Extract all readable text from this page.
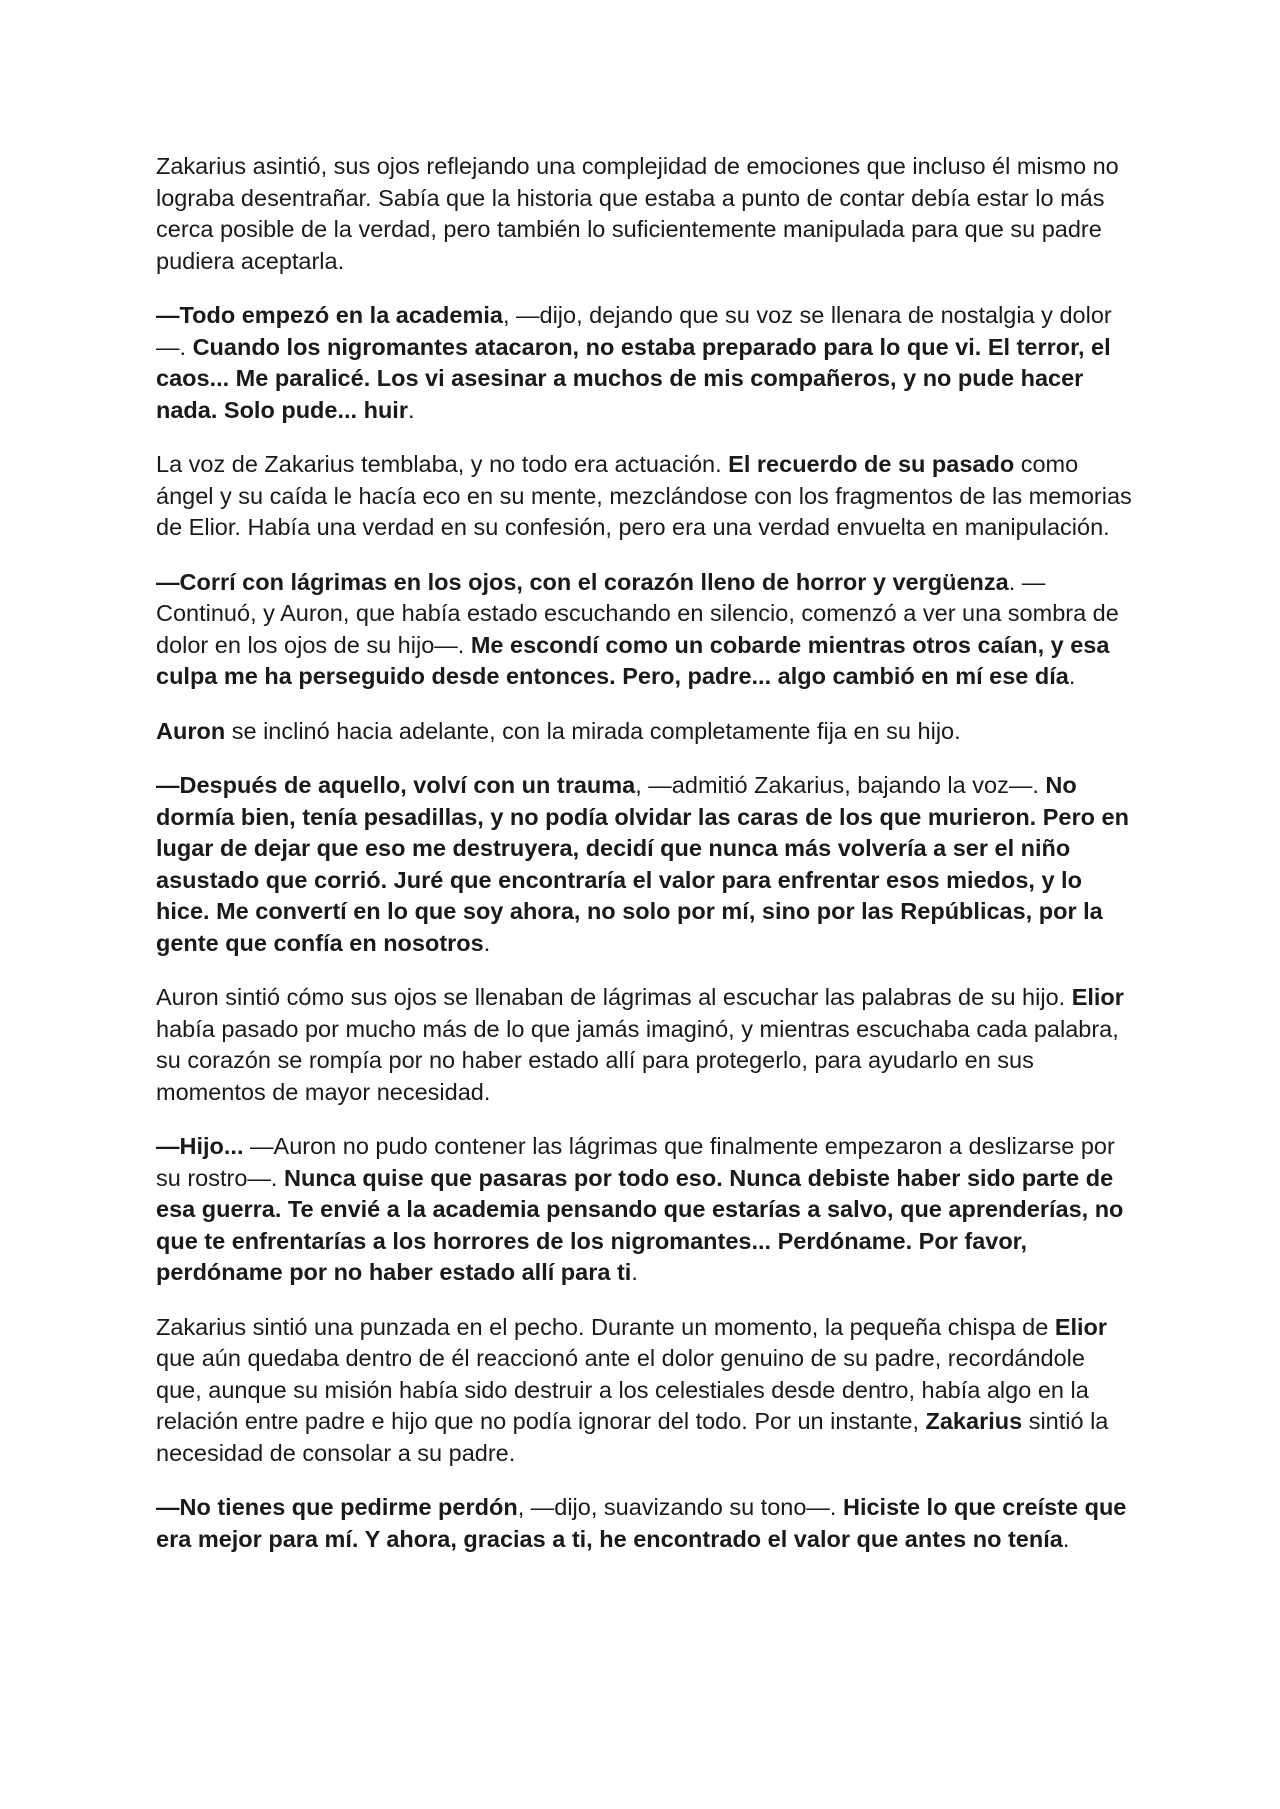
Zakarius asintió, sus ojos reflejando una complejidad de emociones que incluso él mismo no lograba desentrañar. Sabía que la historia que estaba a punto de contar debía estar lo más cerca posible de la verdad, pero también lo suficientemente manipulada para que su padre pudiera aceptarla.

—Todo empezó en la academia, —dijo, dejando que su voz se llenara de nostalgia y dolor—. Cuando los nigromantes atacaron, no estaba preparado para lo que vi. El terror, el caos... Me paralicé. Los vi asesinar a muchos de mis compañeros, y no pude hacer nada. Solo pude... huir.

La voz de Zakarius temblaba, y no todo era actuación. El recuerdo de su pasado como ángel y su caída le hacía eco en su mente, mezclándose con los fragmentos de las memorias de Elior. Había una verdad en su confesión, pero era una verdad envuelta en manipulación.

—Corrí con lágrimas en los ojos, con el corazón lleno de horror y vergüenza. —Continuó, y Auron, que había estado escuchando en silencio, comenzó a ver una sombra de dolor en los ojos de su hijo—. Me escondí como un cobarde mientras otros caían, y esa culpa me ha perseguido desde entonces. Pero, padre... algo cambió en mí ese día.

Auron se inclinó hacia adelante, con la mirada completamente fija en su hijo.

—Después de aquello, volví con un trauma, —admitió Zakarius, bajando la voz—. No dormía bien, tenía pesadillas, y no podía olvidar las caras de los que murieron. Pero en lugar de dejar que eso me destruyera, decidí que nunca más volvería a ser el niño asustado que corrió. Juré que encontraría el valor para enfrentar esos miedos, y lo hice. Me convertí en lo que soy ahora, no solo por mí, sino por las Repúblicas, por la gente que confía en nosotros.

Auron sintió cómo sus ojos se llenaban de lágrimas al escuchar las palabras de su hijo. Elior había pasado por mucho más de lo que jamás imaginó, y mientras escuchaba cada palabra, su corazón se rompía por no haber estado allí para protegerlo, para ayudarlo en sus momentos de mayor necesidad.

—Hijo... —Auron no pudo contener las lágrimas que finalmente empezaron a deslizarse por su rostro—. Nunca quise que pasaras por todo eso. Nunca debiste haber sido parte de esa guerra. Te envié a la academia pensando que estarías a salvo, que aprenderías, no que te enfrentarías a los horrores de los nigromantes... Perdóname. Por favor, perdóname por no haber estado allí para ti.

Zakarius sintió una punzada en el pecho. Durante un momento, la pequeña chispa de Elior que aún quedaba dentro de él reaccionó ante el dolor genuino de su padre, recordándole que, aunque su misión había sido destruir a los celestiales desde dentro, había algo en la relación entre padre e hijo que no podía ignorar del todo. Por un instante, Zakarius sintió la necesidad de consolar a su padre.

—No tienes que pedirme perdón, —dijo, suavizando su tono—. Hiciste lo que creíste que era mejor para mí. Y ahora, gracias a ti, he encontrado el valor que antes no tenía.
